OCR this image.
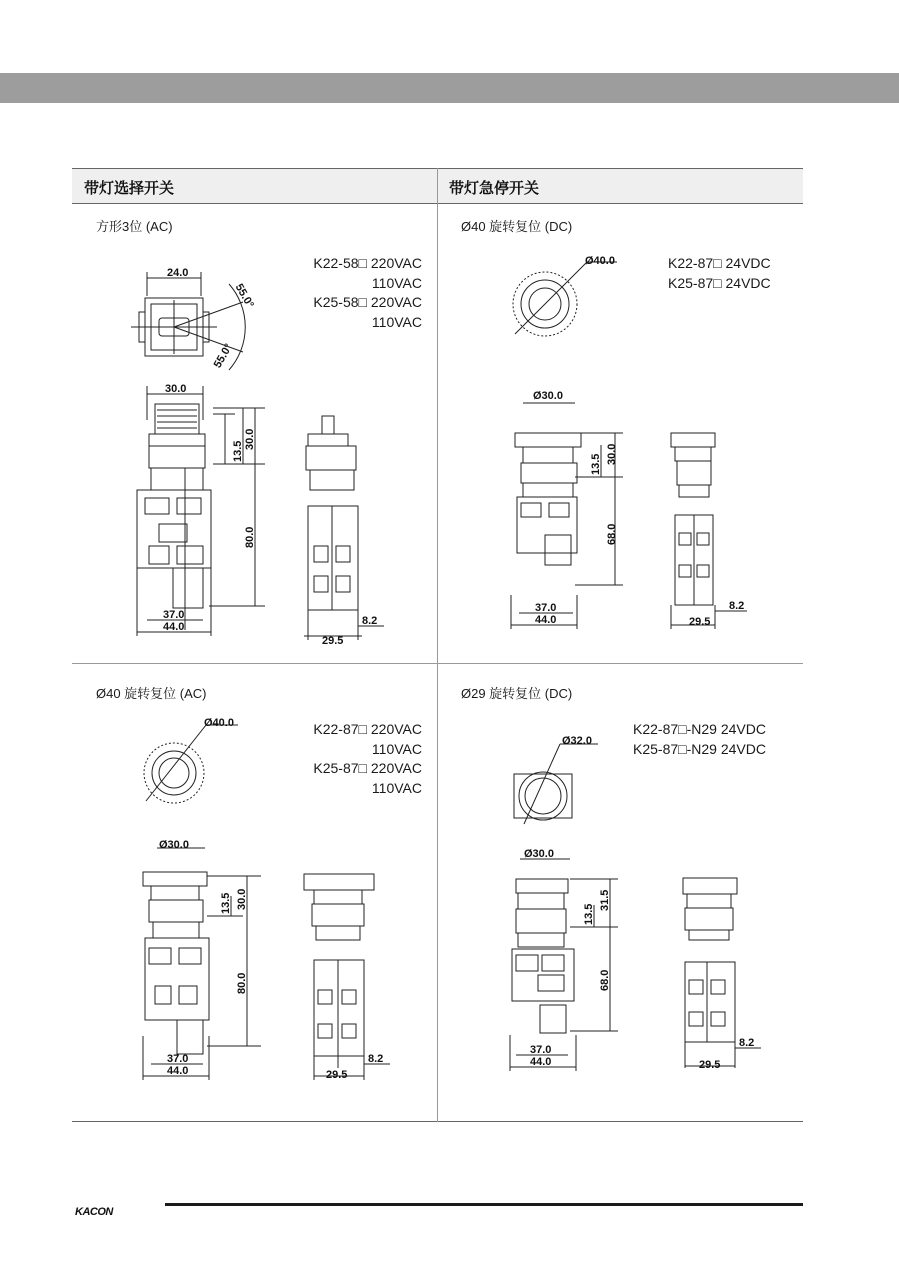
带灯选择开关	带灯急停开关
方形3位 (AC)	Ø40 旋转复位 (DC)
Ø40 旋转复位 (AC)	Ø29 旋转复位 (DC)
K22-58□ 220VAC
110VAC
K25-58□ 220VAC
110VAC
K22-87□ 24VDC
K25-87□ 24VDC
K22-87□ 220VAC
110VAC
K25-87□ 220VAC
110VAC
K22-87□-N29 24VDC
K25-87□-N29 24VDC
24.0
55.0°
55.0°
30.0
13.5
30.0
80.0
37.0
44.0
29.5
8.2
Ø40.0
Ø30.0
13.5 30.0
68.0
37.0
44.0	29.5
8.2
Ø40.0
Ø30.0
13.5 30.0
80.0
37.0
44.0	29.5
8.2
Ø32.0
Ø30.0
13.5
31.5
68.0
37.0
44.0	29.5
8.2
KACON
